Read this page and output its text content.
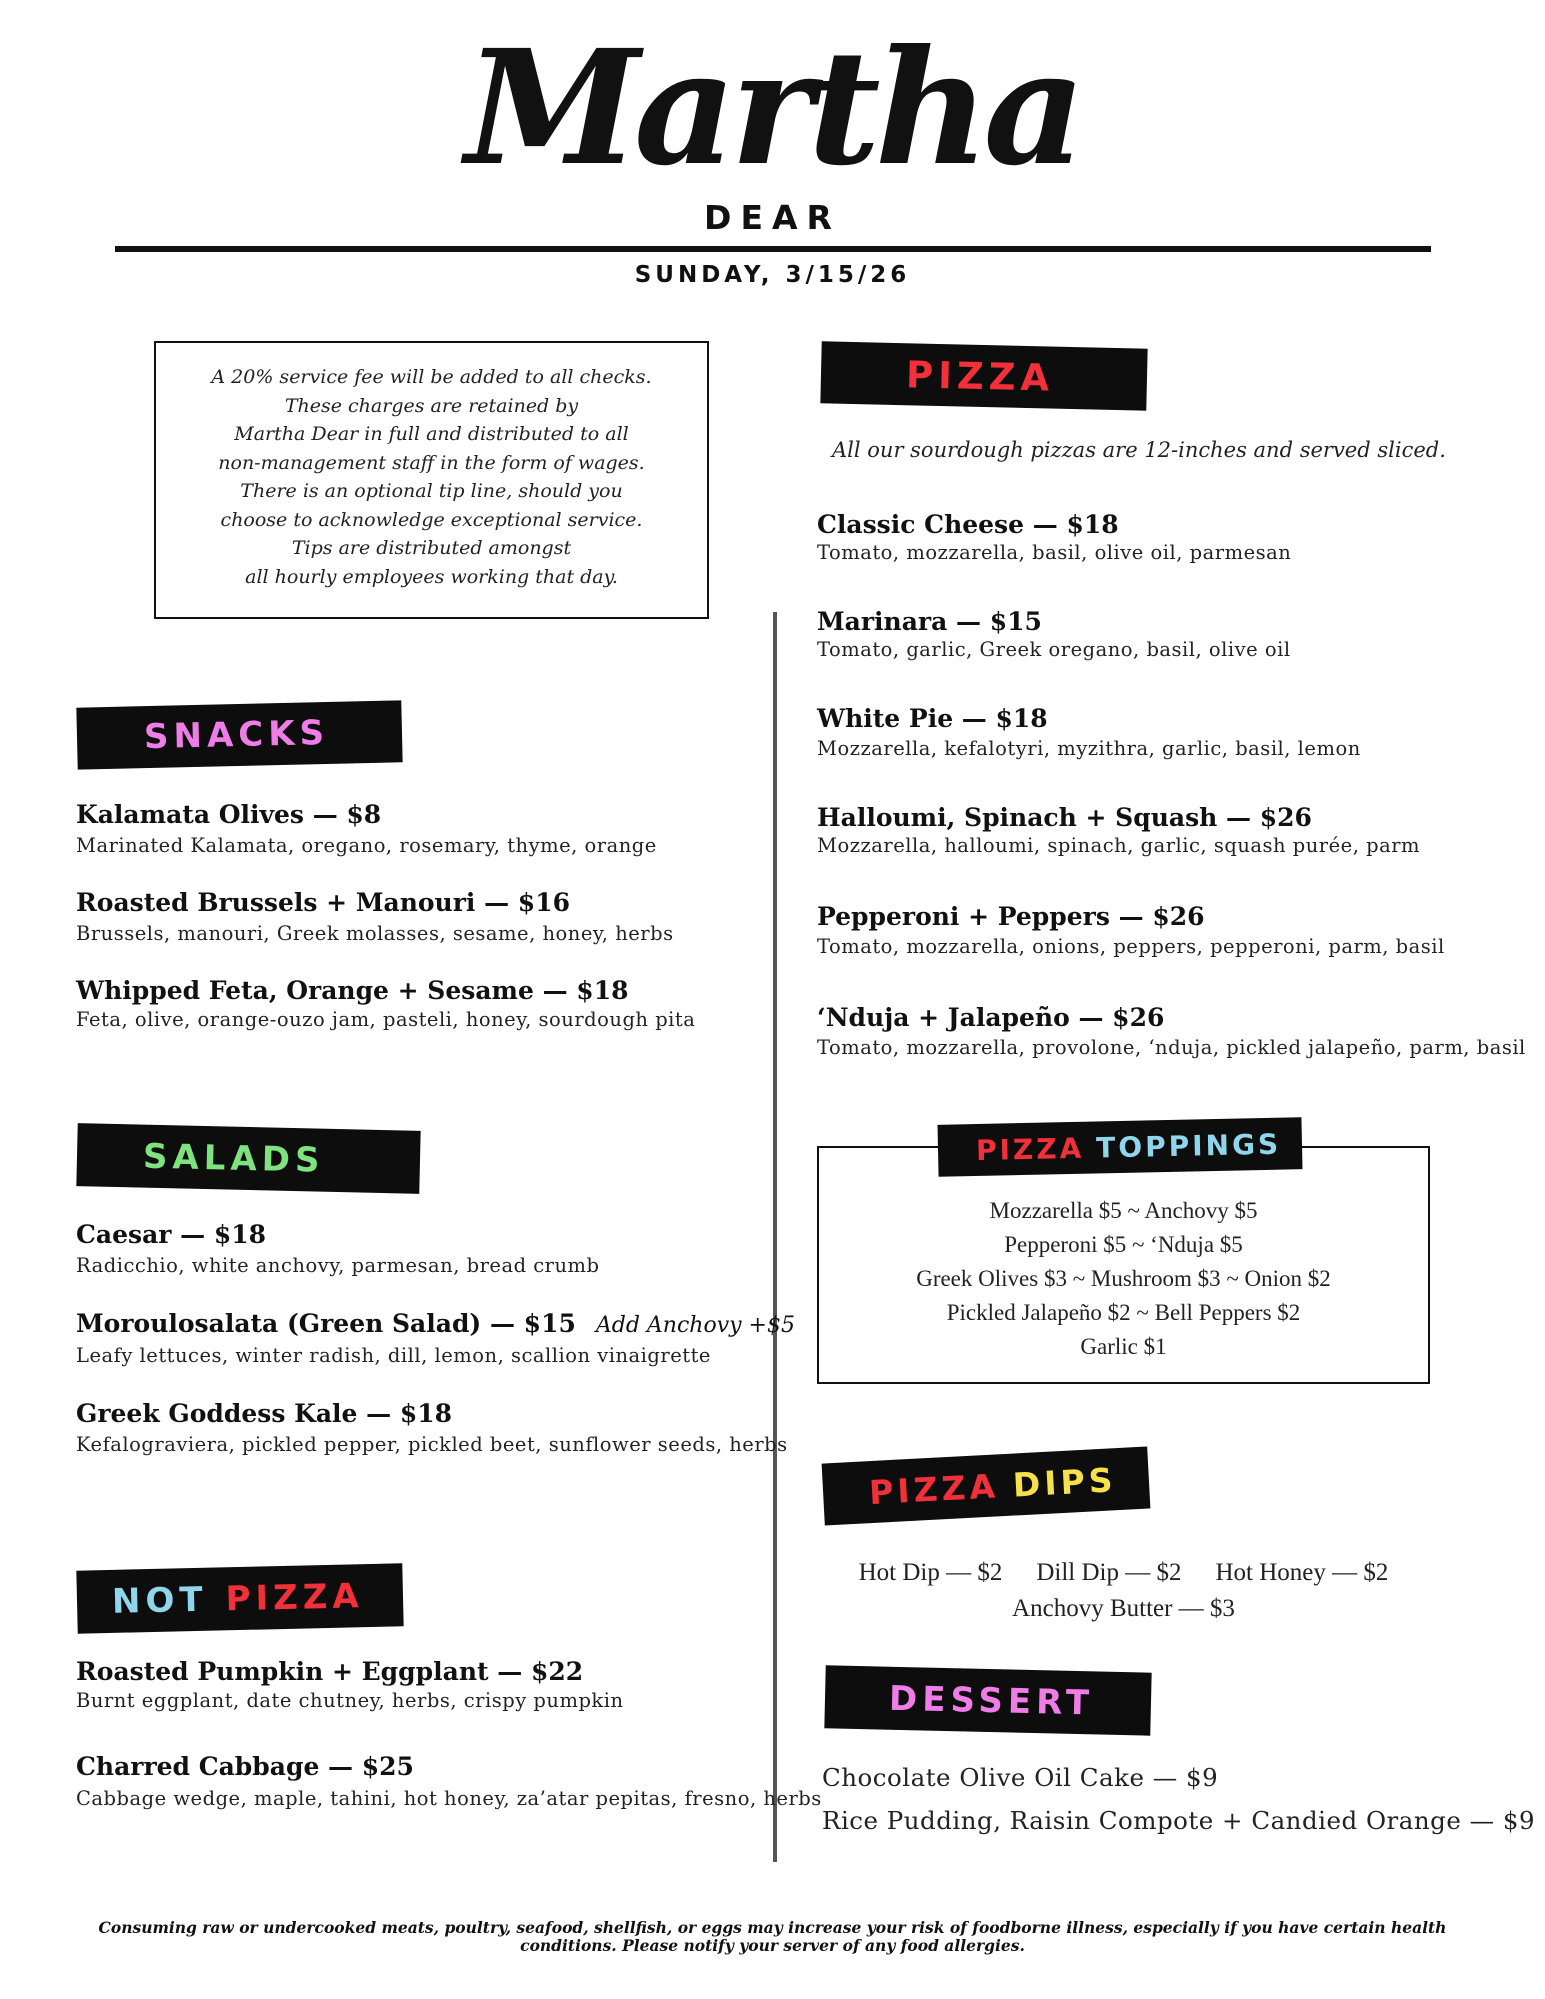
Martha
DEAR
SUNDAY, 3/15/26
A 20% service fee will be added to all checks.
These charges are retained by
Martha Dear in full and distributed to all
non-management staff in the form of wages.
There is an optional tip line, should you
choose to acknowledge exceptional service.
Tips are distributed amongst
all hourly employees working that day.
SNACKS
Kalamata Olives — $8
Marinated Kalamata, oregano, rosemary, thyme, orange
Roasted Brussels + Manouri — $16
Brussels, manouri, Greek molasses, sesame, honey, herbs
Whipped Feta, Orange + Sesame — $18
Feta, olive, orange-ouzo jam, pasteli, honey, sourdough pita
SALADS
Caesar — $18
Radicchio, white anchovy, parmesan, bread crumb
Moroulosalata (Green Salad) — $15 Add Anchovy +$5
Leafy lettuces, winter radish, dill, lemon, scallion vinaigrette
Greek Goddess Kale — $18
Kefalograviera, pickled pepper, pickled beet, sunflower seeds, herbs
NOT PIZZA
Roasted Pumpkin + Eggplant — $22
Burnt eggplant, date chutney, herbs, crispy pumpkin
Charred Cabbage — $25
Cabbage wedge, maple, tahini, hot honey, za’atar pepitas, fresno, herbs
PIZZA
All our sourdough pizzas are 12-inches and served sliced.
Classic Cheese — $18
Tomato, mozzarella, basil, olive oil, parmesan
Marinara — $15
Tomato, garlic, Greek oregano, basil, olive oil
White Pie — $18
Mozzarella, kefalotyri, myzithra, garlic, basil, lemon
Halloumi, Spinach + Squash — $26
Mozzarella, halloumi, spinach, garlic, squash purée, parm
Pepperoni + Peppers — $26
Tomato, mozzarella, onions, peppers, pepperoni, parm, basil
‘Nduja + Jalapeño — $26
Tomato, mozzarella, provolone, ‘nduja, pickled jalapeño, parm, basil
PIZZA TOPPINGS
Mozzarella $5 ~ Anchovy $5
Pepperoni $5 ~ ‘Nduja $5
Greek Olives $3 ~ Mushroom $3 ~ Onion $2
Pickled Jalapeño $2 ~ Bell Peppers $2
Garlic $1
PIZZA DIPS
Hot Dip — $2 Dill Dip — $2 Hot Honey — $2
Anchovy Butter — $3
DESSERT
Chocolate Olive Oil Cake — $9
Rice Pudding, Raisin Compote + Candied Orange — $9
Consuming raw or undercooked meats, poultry, seafood, shellfish, or eggs may increase your risk of foodborne illness, especially if you have certain health
conditions. Please notify your server of any food allergies.
